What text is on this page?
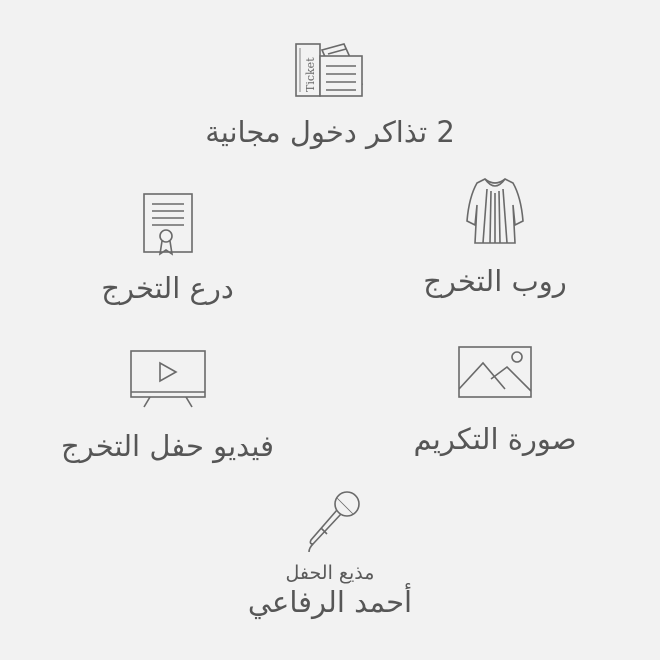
Ticket
2 تذاكر دخول مجانية
روب التخرج
درع التخرج
صورة التكريم
فيديو حفل التخرج
مذيع الحفل
أحمد الرفاعي
